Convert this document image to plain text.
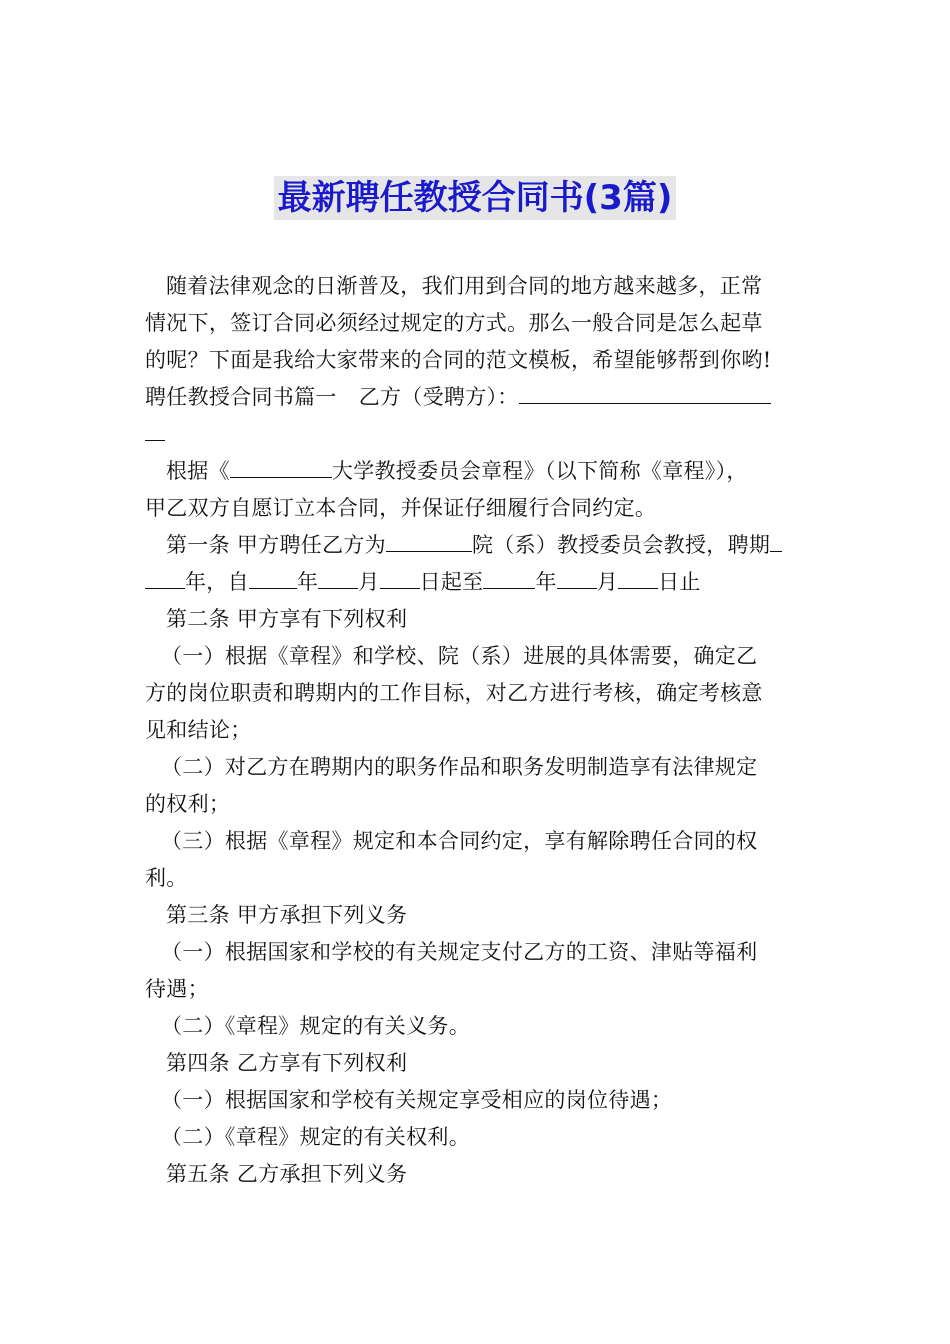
最新聘任教授合同书(3篇)
随着法律观念的日渐普及，我们用到合同的地方越来越多，正常
情况下，签订合同必须经过规定的方式。那么一般合同是怎么起草
的呢？下面是我给大家带来的合同的范文模板，希望能够帮到你哟!
聘任教授合同书篇一 乙方（受聘方）：
根据《	大学教授委员会章程》（以下简称《章程》），
甲乙双方自愿订立本合同，并保证仔细履行合同约定。
第一条 甲方聘任乙方为	院（系）教授委员会教授，聘期
年，自 年 月 日起至 年 月 日止
第二条 甲方享有下列权利
（一）根据《章程》和学校、院（系）进展的具体需要，确定乙
方的岗位职责和聘期内的工作目标，对乙方进行考核，确定考核意
见和结论；
（二）对乙方在聘期内的职务作品和职务发明制造享有法律规定
的权利；
（三）根据《章程》规定和本合同约定，享有解除聘任合同的权
利。
第三条 甲方承担下列义务
（一）根据国家和学校的有关规定支付乙方的工资、津贴等福利
待遇；
（二）《章程》规定的有关义务。
第四条 乙方享有下列权利
（一）根据国家和学校有关规定享受相应的岗位待遇；
（二）《章程》规定的有关权利。
第五条 乙方承担下列义务
